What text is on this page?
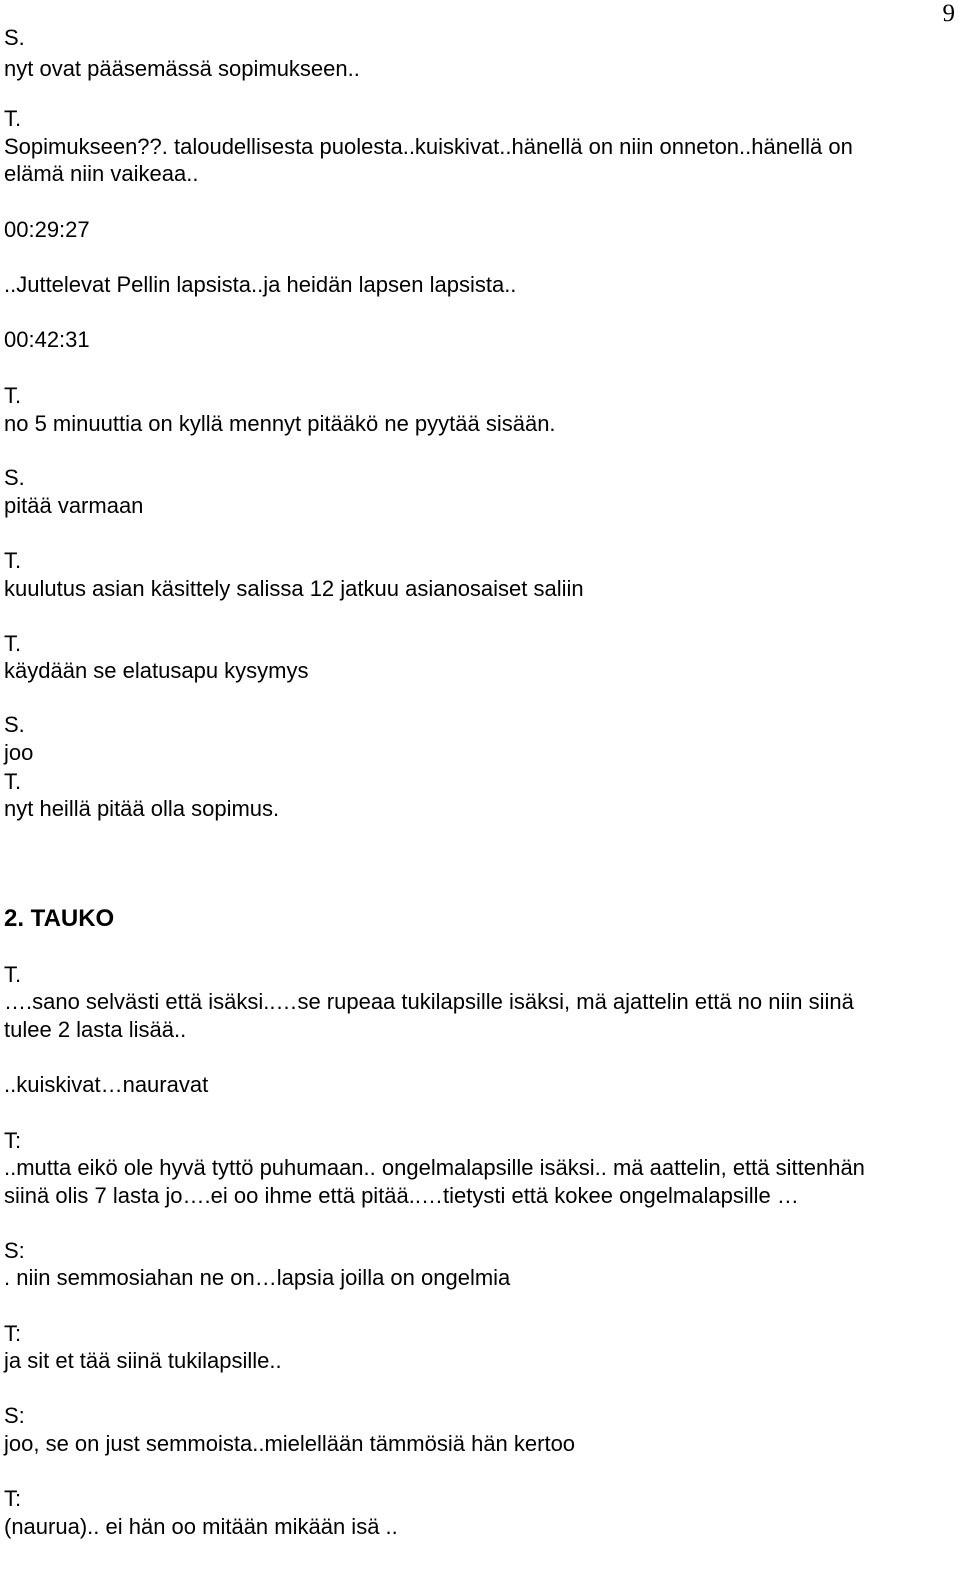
9
S.
nyt ovat pääsemässä sopimukseen..
T.
Sopimukseen??. taloudellisesta puolesta..kuiskivat..hänellä on niin onneton..hänellä on
elämä niin vaikeaa..
00:29:27
..Juttelevat Pellin lapsista..ja heidän lapsen lapsista..
00:42:31
T.
no 5 minuuttia on kyllä mennyt pitääkö ne pyytää sisään.
S.
pitää varmaan
T.
kuulutus asian käsittely salissa 12 jatkuu asianosaiset saliin
T.
käydään se elatusapu kysymys
S.
joo
T.
nyt heillä pitää olla sopimus.
2. TAUKO
T.
….sano selvästi että isäksi..…se rupeaa tukilapsille isäksi, mä ajattelin että no niin siinä
tulee 2 lasta lisää..
..kuiskivat…nauravat
T:
..mutta eikö ole hyvä tyttö puhumaan.. ongelmalapsille isäksi.. mä aattelin, että sittenhän
siinä olis 7 lasta jo….ei oo ihme että pitää..…tietysti että kokee ongelmalapsille …
S:
. niin semmosiahan ne on…lapsia joilla on ongelmia
T:
ja sit et tää siinä tukilapsille..
S:
joo, se on just semmoista..mielellään tämmösiä hän kertoo
T:
(naurua).. ei hän oo mitään mikään isä ..
